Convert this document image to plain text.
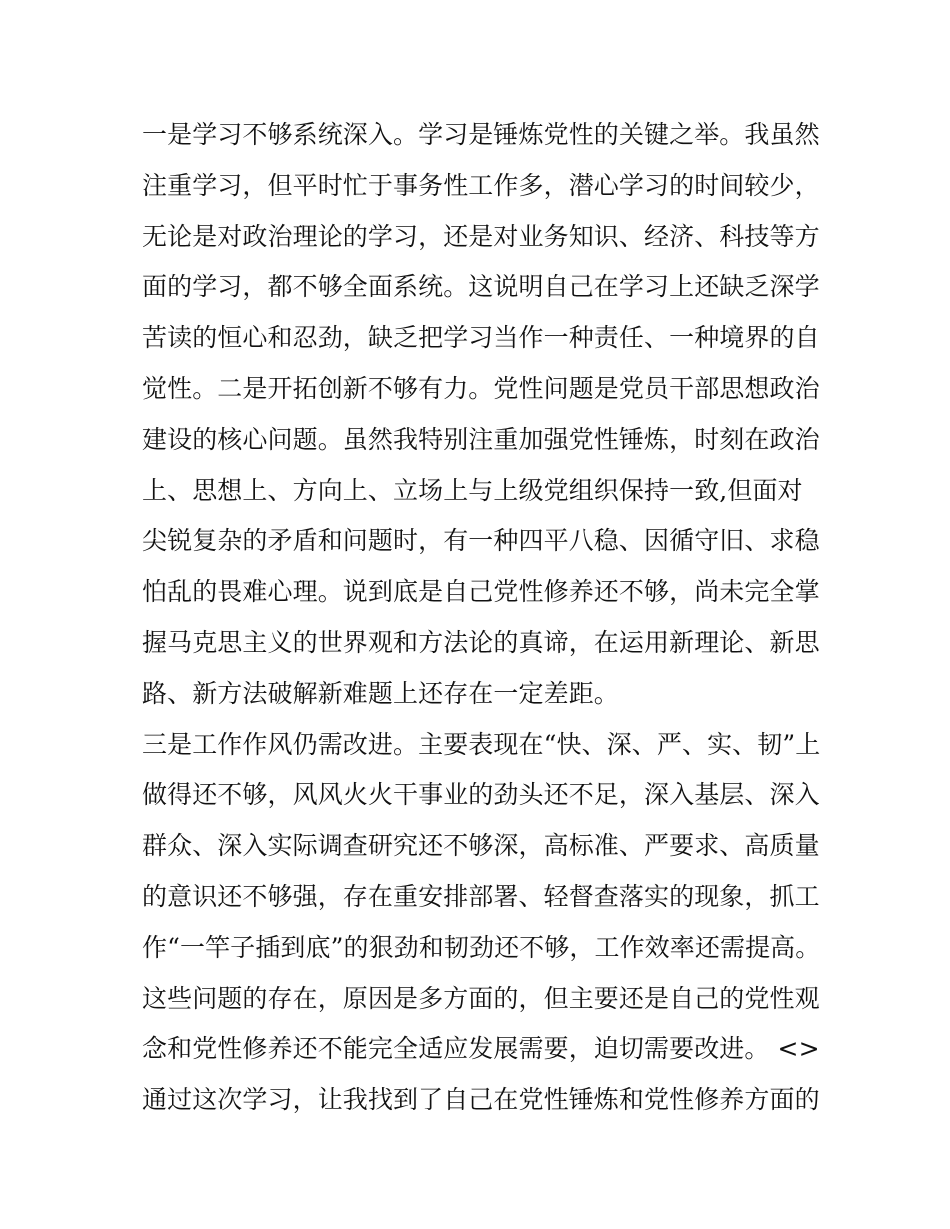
一是学习不够系统深入。学习是锤炼党性的关键之举。我虽然
注重学习，但平时忙于事务性工作多，潜心学习的时间较少，
无论是对政治理论的学习，还是对业务知识、经济、科技等方
面的学习，都不够全面系统。这说明自己在学习上还缺乏深学
苦读的恒心和忍劲，缺乏把学习当作一种责任、一种境界的自
觉性。二是开拓创新不够有力。党性问题是党员干部思想政治
建设的核心问题。虽然我特别注重加强党性锤炼，时刻在政治
上、思想上、方向上、立场上与上级党组织保持一致,但面对
尖锐复杂的矛盾和问题时，有一种四平八稳、因循守旧、求稳
怕乱的畏难心理。说到底是自己党性修养还不够，尚未完全掌
握马克思主义的世界观和方法论的真谛，在运用新理论、新思
路、新方法破解新难题上还存在一定差距。
三是工作作风仍需改进。主要表现在“快、深、严、实、韧”上
做得还不够，风风火火干事业的劲头还不足，深入基层、深入
群众、深入实际调查研究还不够深，高标准、严要求、高质量
的意识还不够强，存在重安排部署、轻督查落实的现象，抓工
作“一竿子插到底”的狠劲和韧劲还不够，工作效率还需提高。
这些问题的存在，原因是多方面的，但主要还是自己的党性观
念和党性修养还不能完全适应发展需要，迫切需要改进。 <>
通过这次学习，让我找到了自己在党性锤炼和党性修养方面的
